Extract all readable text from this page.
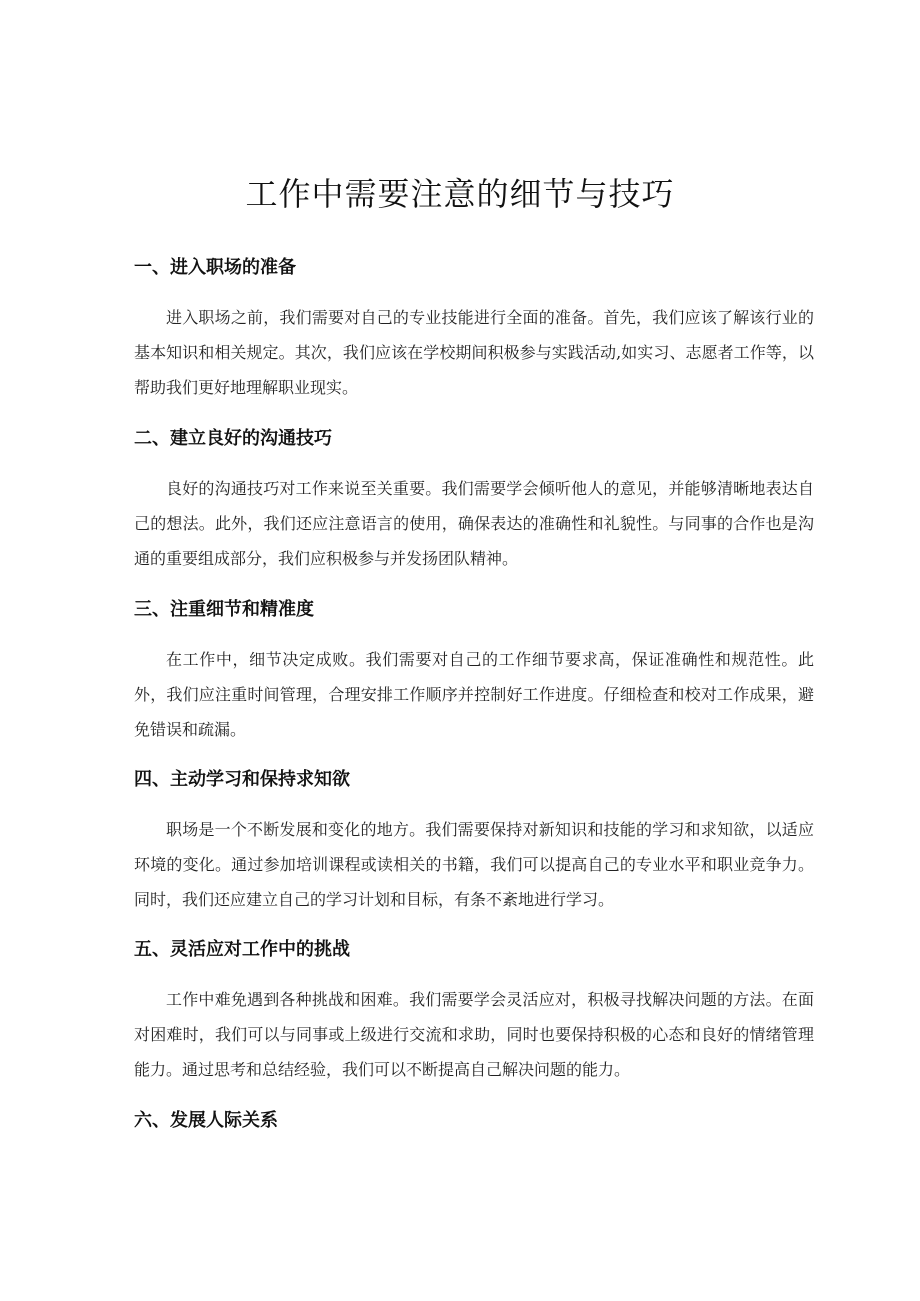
工作中需要注意的细节与技巧
一、进入职场的准备

进入职场之前，我们需要对自己的专业技能进行全面的准备。首先，我们应该了解该行业的基本知识和相关规定。其次，我们应该在学校期间积极参与实践活动,如实习、志愿者工作等，以帮助我们更好地理解职业现实。

二、建立良好的沟通技巧

良好的沟通技巧对工作来说至关重要。我们需要学会倾听他人的意见，并能够清晰地表达自己的想法。此外，我们还应注意语言的使用，确保表达的准确性和礼貌性。与同事的合作也是沟通的重要组成部分，我们应积极参与并发扬团队精神。

三、注重细节和精准度

在工作中，细节决定成败。我们需要对自己的工作细节要求高，保证准确性和规范性。此外，我们应注重时间管理，合理安排工作顺序并控制好工作进度。仔细检查和校对工作成果，避免错误和疏漏。

四、主动学习和保持求知欲

职场是一个不断发展和变化的地方。我们需要保持对新知识和技能的学习和求知欲，以适应环境的变化。通过参加培训课程或读相关的书籍，我们可以提高自己的专业水平和职业竞争力。同时，我们还应建立自己的学习计划和目标，有条不紊地进行学习。

五、灵活应对工作中的挑战

工作中难免遇到各种挑战和困难。我们需要学会灵活应对，积极寻找解决问题的方法。在面对困难时，我们可以与同事或上级进行交流和求助，同时也要保持积极的心态和良好的情绪管理能力。通过思考和总结经验，我们可以不断提高自己解决问题的能力。

六、发展人际关系
